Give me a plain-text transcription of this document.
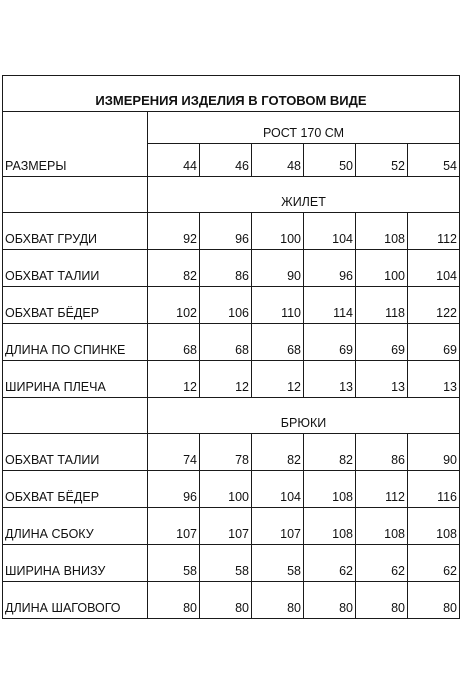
ИЗМЕРЕНИЯ ИЗДЕЛИЯ В ГОТОВОМ ВИДЕ						
РАЗМЕРЫ	РОСТ 170 СМ					
	44	46	48	50	52	54
	ЖИЛЕТ					
ОБХВАТ ГРУДИ	92	96	100	104	108	112
ОБХВАТ ТАЛИИ	82	86	90	96	100	104
ОБХВАТ БЁДЕР	102	106	110	114	118	122
ДЛИНА ПО СПИНКЕ	68	68	68	69	69	69
ШИРИНА ПЛЕЧА	12	12	12	13	13	13
	БРЮКИ					
ОБХВАТ ТАЛИИ	74	78	82	82	86	90
ОБХВАТ БЁДЕР	96	100	104	108	112	116
ДЛИНА СБОКУ	107	107	107	108	108	108
ШИРИНА ВНИЗУ	58	58	58	62	62	62
ДЛИНА ШАГОВОГО	80	80	80	80	80	80
